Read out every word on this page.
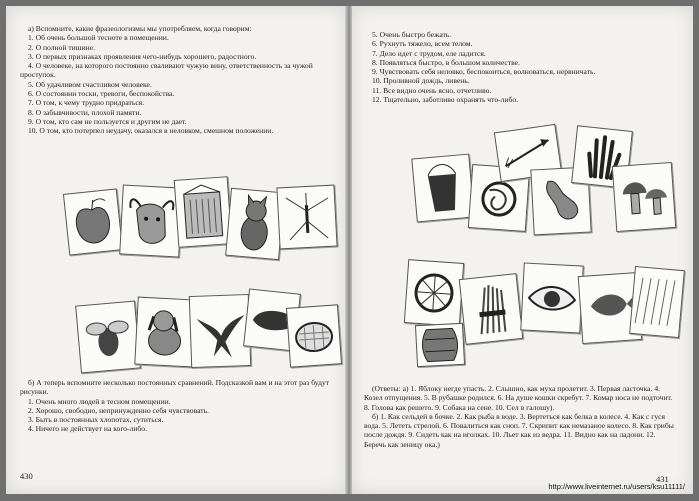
а) Вспомните, какие фразеологизмы мы употребляем, когда говорим:

1. Об очень большой тесноте в помещении.

2. О полной тишине.

3. О первых признаках проявления чего-нибудь хорошего, радостного.

4. О человеке, на которого постоянно сваливают чужую вину, ответственность за чужой проступок.

5. Об удачливом счастливом человеке.

6. О состоянии тоски, тревоги, беспокойства.

7. О том, к чему трудно придраться.

8. О забывчивости, плохой памяти.

9. О том, кто сам не пользуется и другим не дает.

10. О том, кто потерпел неудачу, оказался в неловком, смешном положении.

б) А теперь вспомните несколько постоянных сравнений. Подсказкой вам и на этот раз будут рисунки.

1. Очень много людей в тесном помещении.

2. Хорошо, свободно, непринужденно себя чувствовать.

3. Быть в постоянных хлопотах, сутиться.

4. Ничего не действует на кого-либо.

430

5. Очень быстро бежать.

6. Рухнуть тяжело, всем телом.

7. Дело идет с трудом, еле ладится.

8. Появляться быстро, в большом количестве.

9. Чувствовать себя неловко, беспокоиться, волноваться, нервничать.

10. Проливной дождь, ливень.

11. Все видно очень ясно, отчетливо.

12. Тщательно, заботливо охранять что-либо.

(Ответы: а) 1. Яблоку негде упасть. 2. Слышно, как муха пролетит. 3. Первая ласточка. 4. Козел отпущения. 5. В рубашке родился. 6. На душе кошки скребут. 7. Комар носа не подточит. 8. Голова как решето. 9. Собака на сене. 10. Сел в галошу).

б) 1. Как сельдей в бочке. 2. Как рыба в воде. 3. Вертеться как белка в колесе. 4. Как с гуся вода. 5. Лететь стрелой. 6. Повалиться как сноп. 7. Скрипит как немазаное колесо. 8. Как грибы после дождя. 9. Сидеть как на иголках. 10. Льет как из ведра. 11. Видно как на ладони. 12. Беречь как зеницу ока.)

431
http://www.liveinternet.ru/users/ksu11111/
